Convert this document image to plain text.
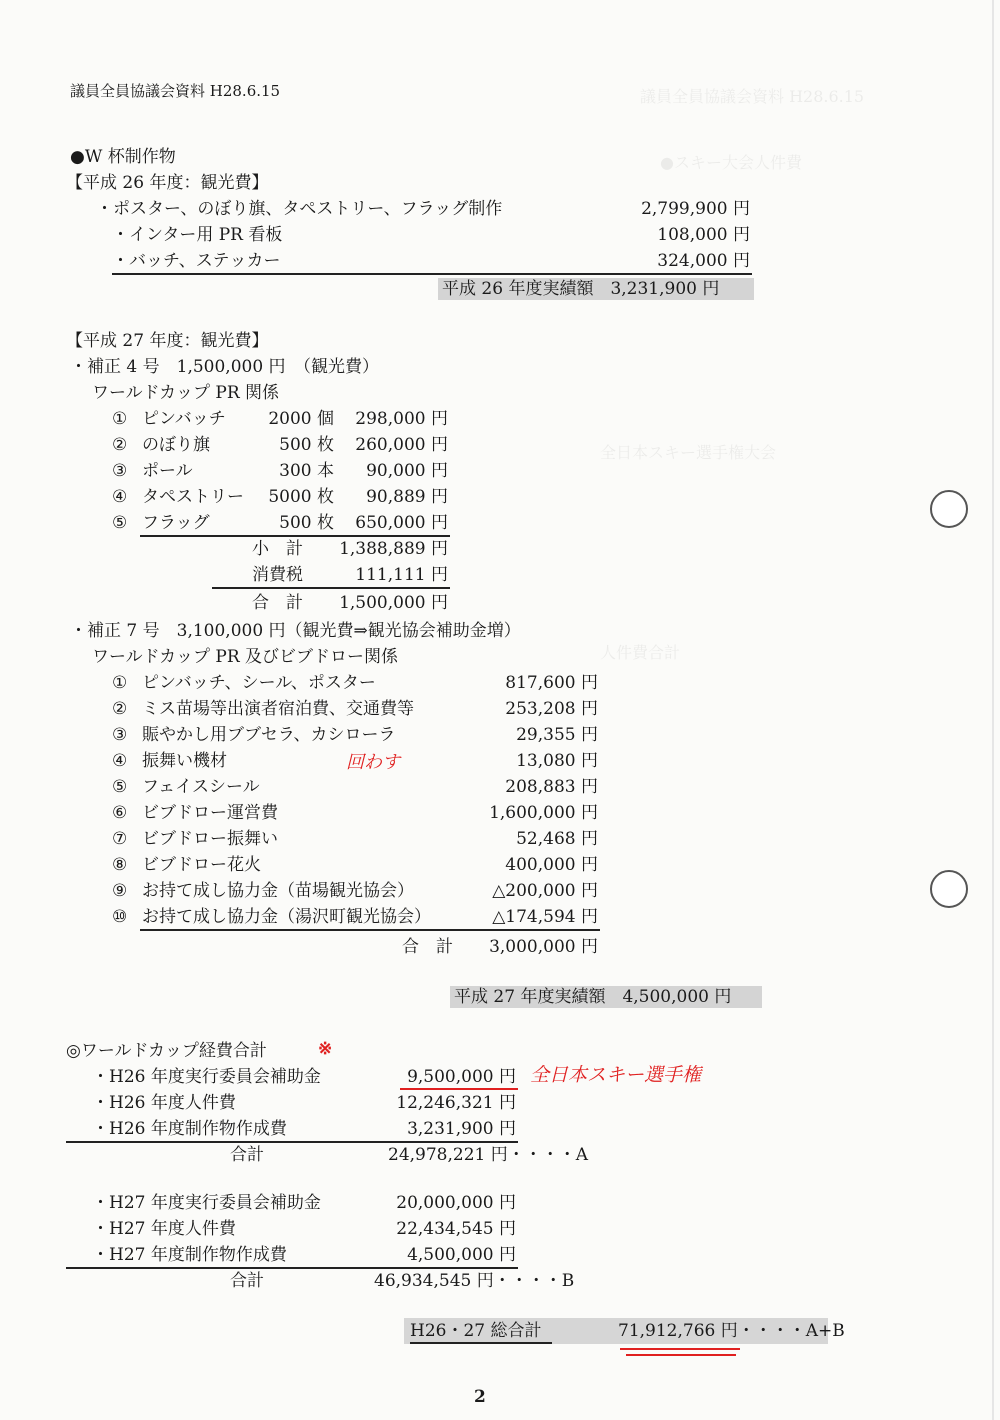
議員全員協議会資料 H28.6.15
●スキー大会人件費
全日本スキー選手権大会
人件費合計
議員全員協議会資料 H28.6.15
●W 杯制作物
【平成 26 年度：観光費】
・ポスター、のぼり旗、タペストリー、フラッグ制作	2,799,900 円
・インター用 PR 看板	108,000 円
・バッチ、ステッカー	324,000 円
平成 26 年度実績額　3,231,900 円
【平成 27 年度：観光費】
・補正 4 号　1,500,000 円　（観光費）
ワールドカップ PR 関係
① ピンバッチ	2000 個	298,000 円
② のぼり旗	500 枚	260,000 円
③ ポール	300 本	90,000 円
④ タペストリー	5000 枚	90,889 円
⑤ フラッグ	500 枚	650,000 円
小　計	1,388,889 円
消費税	111,111 円
合　計	1,500,000 円
・補正 7 号　3,100,000 円（観光費⇒観光協会補助金増）
ワールドカップ PR 及びビブドロー関係
① ピンバッチ、シール、ポスター	817,600 円
② ミス苗場等出演者宿泊費、交通費等	253,208 円
③ 賑やかし用ブブセラ、カシローラ	29,355 円
④ 振舞い機材	13,080 円
⑤ フェイスシール	208,883 円
⑥ ビブドロー運営費	1,600,000 円
⑦ ビブドロー振舞い	52,468 円
⑧ ビブドロー花火	400,000 円
⑨ お持て成し協力金（苗場観光協会）	△200,000 円
⑩ お持て成し協力金（湯沢町観光協会）	△174,594 円
合　計	3,000,000 円
回わす
平成 27 年度実績額　4,500,000 円
◎ワールドカップ経費合計	※
・H26 年度実行委員会補助金	9,500,000 円 全日本スキー選手権
・H26 年度人件費	12,246,321 円
・H26 年度制作物作成費	3,231,900 円
合計	24,978,221 円・・・・A
・H27 年度実行委員会補助金	20,000,000 円
・H27 年度人件費	22,434,545 円
・H27 年度制作物作成費	4,500,000 円
合計	46,934,545 円・・・・B
H26・27 総合計	71,912,766 円・・・・A+B
2
